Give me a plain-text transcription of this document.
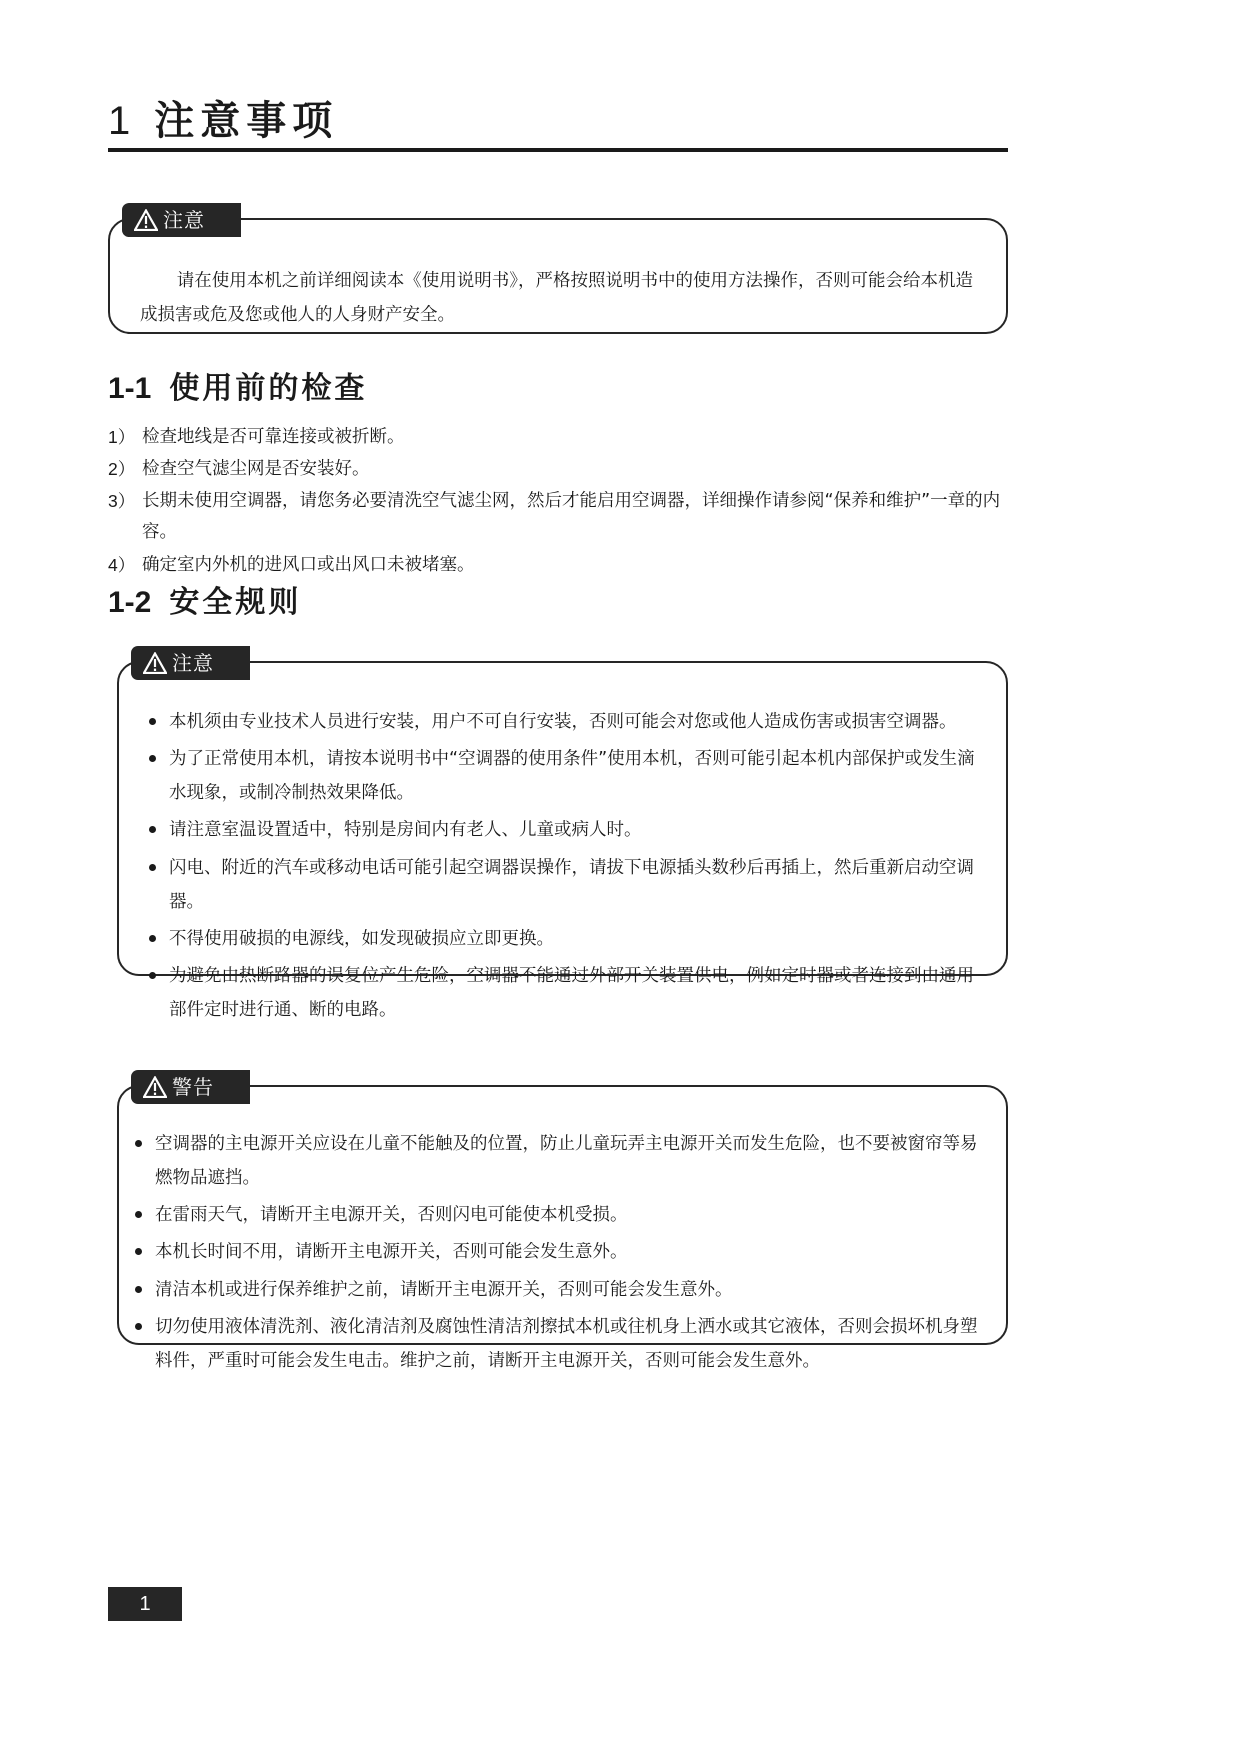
1 注意事项
注意

请在使用本机之前详细阅读本《使用说明书》，严格按照说明书中的使用方法操作，否则可能会给本机造成损害或危及您或他人的人身财产安全。

1-1 使用前的检查
1） 检查地线是否可靠连接或被折断。
2） 检查空气滤尘网是否安装好。
3） 长期未使用空调器，请您务必要清洗空气滤尘网，然后才能启用空调器，详细操作请参阅“保养和维护”一章的内容。
4） 确定室内外机的进风口或出风口未被堵塞。
1-2 安全规则
注意
本机须由专业技术人员进行安装，用户不可自行安装，否则可能会对您或他人造成伤害或损害空调器。
为了正常使用本机，请按本说明书中“空调器的使用条件”使用本机，否则可能引起本机内部保护或发生滴水现象，或制冷制热效果降低。
请注意室温设置适中，特别是房间内有老人、儿童或病人时。
闪电、附近的汽车或移动电话可能引起空调器误操作，请拔下电源插头数秒后再插上，然后重新启动空调器。
不得使用破损的电源线，如发现破损应立即更换。
为避免由热断路器的误复位产生危险，空调器不能通过外部开关装置供电，例如定时器或者连接到由通用部件定时进行通、断的电路。
警告
空调器的主电源开关应设在儿童不能触及的位置，防止儿童玩弄主电源开关而发生危险，也不要被窗帘等易燃物品遮挡。
在雷雨天气，请断开主电源开关，否则闪电可能使本机受损。
本机长时间不用，请断开主电源开关，否则可能会发生意外。
清洁本机或进行保养维护之前，请断开主电源开关，否则可能会发生意外。
切勿使用液体清洗剂、液化清洁剂及腐蚀性清洁剂擦拭本机或往机身上洒水或其它液体，否则会损坏机身塑料件，严重时可能会发生电击。维护之前，请断开主电源开关，否则可能会发生意外。
1
